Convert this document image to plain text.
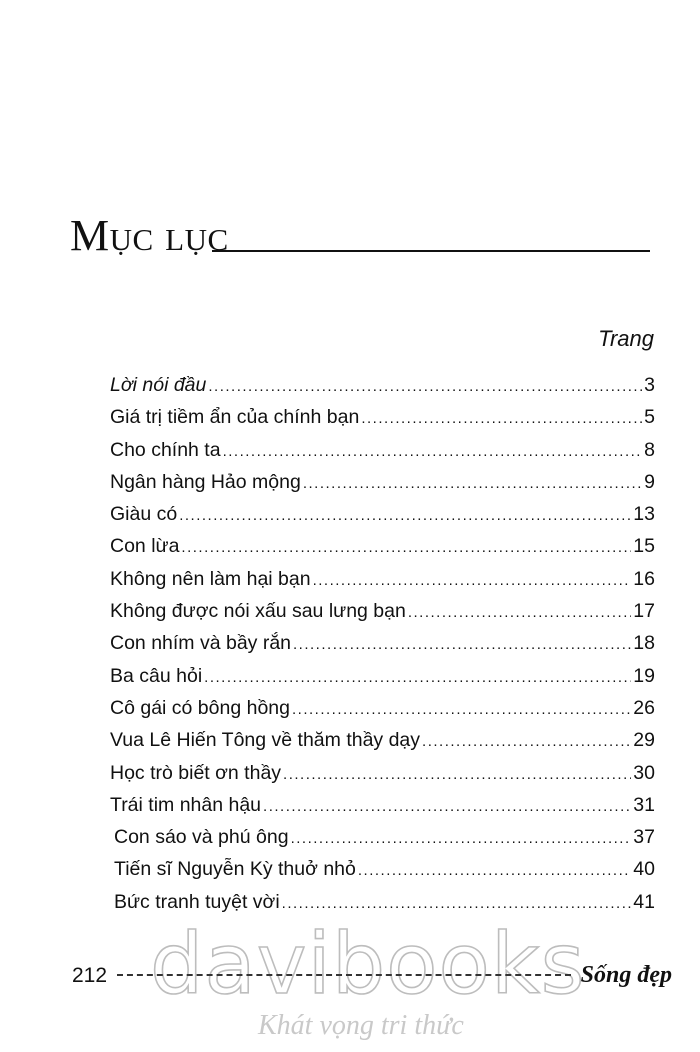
Mục lục
Trang
Lời nói đầu .....	3
Giá trị tiềm ẩn của chính bạn .....	5
Cho chính ta .....	8
Ngân hàng Hảo mộng .....	9
Giàu có .....	13
Con lừa .....	15
Không nên làm hại bạn .....	16
Không được nói xấu sau lưng bạn .....	17
Con nhím và bầy rắn .....	18
Ba câu hỏi .....	19
Cô gái có bông hồng .....	26
Vua Lê Hiến Tông về thăm thầy dạy .....	29
Học trò biết ơn thầy .....	30
Trái tim nhân hậu .....	31
Con sáo và phú ông .....	37
Tiến sĩ Nguyễn Kỳ thuở nhỏ .....	40
Bức tranh tuyệt vời .....	41
davibooks
Khát vọng tri thức
212	Sống đẹp
